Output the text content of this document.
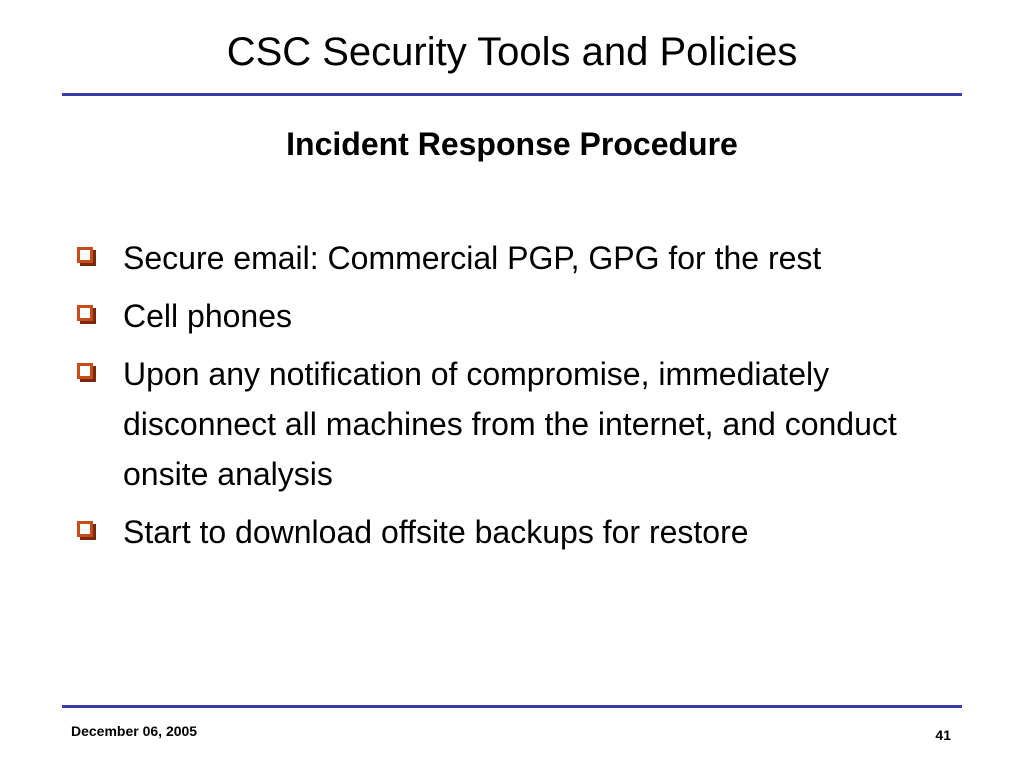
CSC Security Tools and Policies
Incident Response Procedure
Secure email: Commercial PGP, GPG for the rest
Cell phones
Upon any notification of compromise, immediately disconnect all machines from the internet, and conduct onsite analysis
Start to download offsite backups for restore
December 06, 2005	41
